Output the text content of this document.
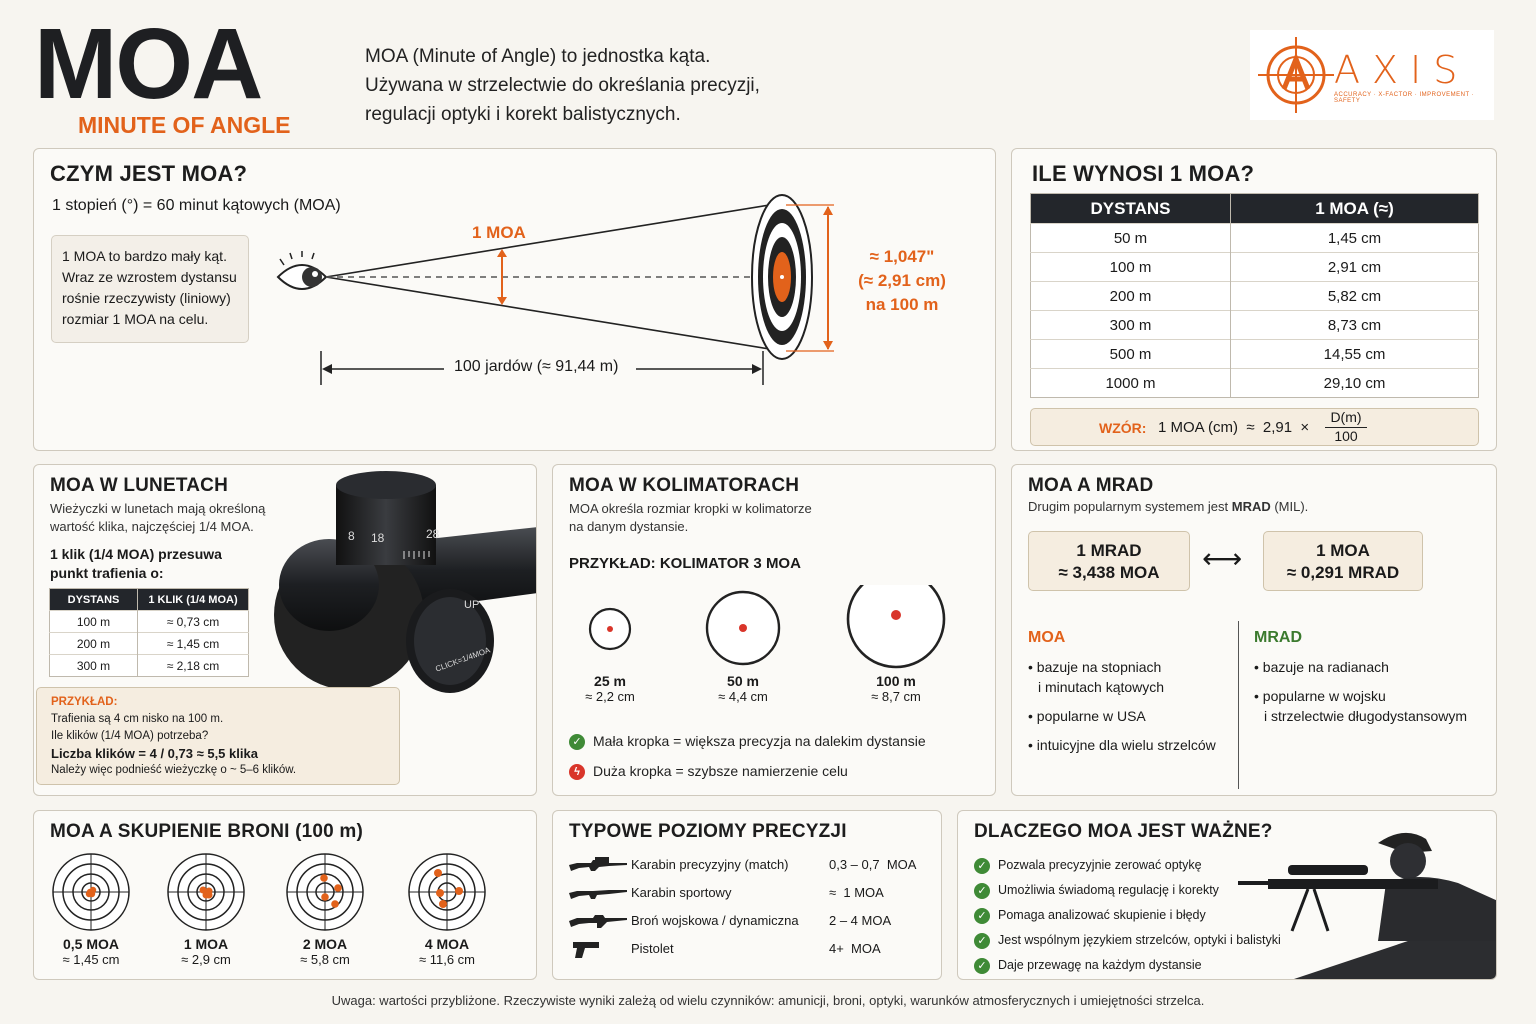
MOA
MINUTE OF ANGLE
MOA (Minute of Angle) to jednostka kąta.
Używana w strzelectwie do określania precyzji,
regulacji optyki i korekt balistycznych.
AXIS
ACCURACY · X-FACTOR · IMPROVEMENT · SAFETY
CZYM JEST MOA?
1 stopień (°) = 60 minut kątowych (MOA)
1 MOA to bardzo mały kąt.
Wraz ze wzrostem dystansu
rośnie rzeczywisty (liniowy)
rozmiar 1 MOA na celu.
1 MOA
≈ 1,047"
(≈ 2,91 cm)
na 100 m
100 jardów (≈ 91,44 m)
ILE WYNOSI 1 MOA?
DYSTANS	1 MOA (≈)
50 m	1,45 cm
100 m	2,91 cm
200 m	5,82 cm
300 m	8,73 cm
500 m	14,55 cm
1000 m	29,10 cm
WZÓR: 1 MOA (cm)  ≈  2,91  ×
D(m)
100
8 18	28
UP
CLICK=1/4MOA
MOA W LUNETACH
Wieżyczki w lunetach mają określoną
wartość klika, najczęściej 1/4 MOA.
1 klik (1/4 MOA) przesuwa
punkt trafienia o:
DYSTANS	1 KLIK (1/4 MOA)
100 m	≈ 0,73 cm
200 m	≈ 1,45 cm
300 m	≈ 2,18 cm
PRZYKŁAD:
Trafienia są 4 cm nisko na 100 m.
Ile klików (1/4 MOA) potrzeba?
Liczba klików = 4 / 0,73 ≈ 5,5 klika
Należy więc podnieść wieżyczkę o ~ 5–6 klików.
MOA W KOLIMATORACH
MOA określa rozmiar kropki w kolimatorze
na danym dystansie.
PRZYKŁAD: KOLIMATOR 3 MOA
25 m
≈ 2,2 cm
50 m
≈ 4,4 cm
100 m
≈ 8,7 cm
✓ Mała kropka = większa precyzja na dalekim dystansie
ϟ Duża kropka = szybsze namierzenie celu
MOA A MRAD
Drugim popularnym systemem jest MRAD (MIL).
1 MRAD
≈ 3,438 MOA	⟷	1 MOA
≈ 0,291 MRAD
MOA
• bazuje na stopniach
i minutach kątowych
• popularne w USA
• intuicyjne dla wielu strzelców
MRAD
• bazuje na radianach
• popularne w wojsku
i strzelectwie długodystansowym
MOA A SKUPIENIE BRONI (100 m)
0,5 MOA
≈ 1,45 cm
1 MOA
≈ 2,9 cm
2 MOA
≈ 5,8 cm
4 MOA
≈ 11,6 cm
TYPOWE POZIOMY PRECYZJI
Karabin precyzyjny (match)	0,3 – 0,7  MOA
Karabin sportowy	≈  1 MOA
Broń wojskowa / dynamiczna 2 – 4 MOA
Pistolet	4+  MOA
DLACZEGO MOA JEST WAŻNE?
✓ Pozwala precyzyjnie zerować optykę
✓ Umożliwia świadomą regulację i korekty
✓ Pomaga analizować skupienie i błędy
✓ Jest wspólnym językiem strzelców, optyki i balistyki
✓ Daje przewagę na każdym dystansie
Uwaga: wartości przybliżone. Rzeczywiste wyniki zależą od wielu czynników: amunicji, broni, optyki, warunków atmosferycznych i umiejętności strzelca.
